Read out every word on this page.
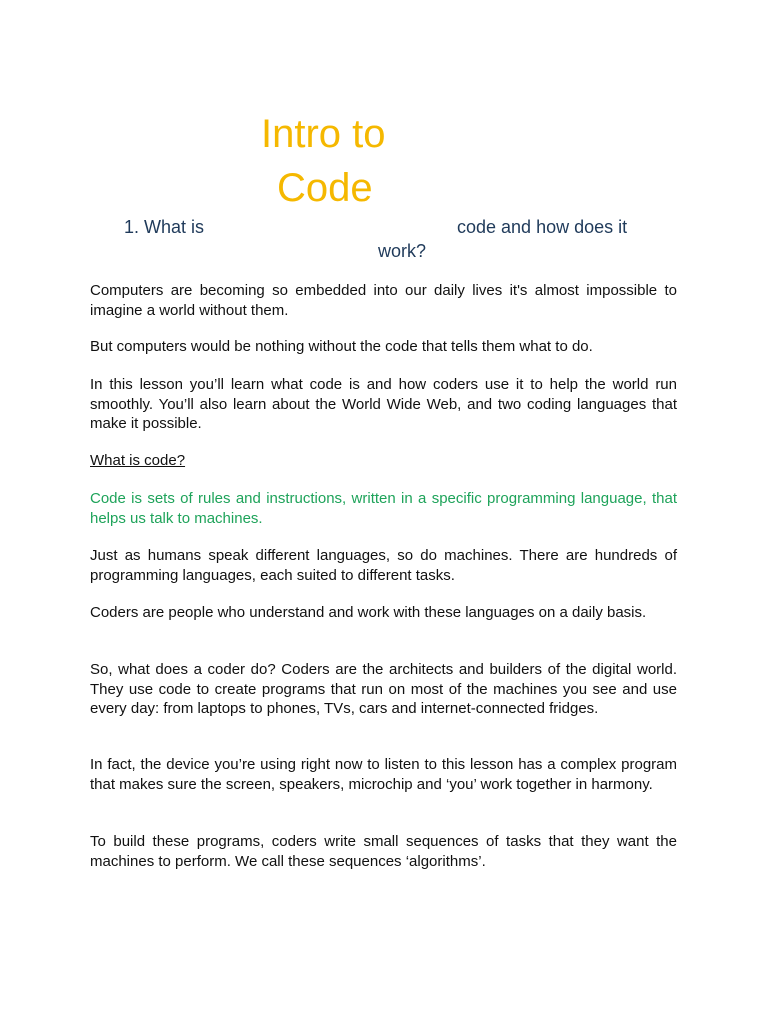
Intro to
Code
1. What is	code and how does it
work?
Computers are becoming so embedded into our daily lives it's almost impossible to imagine a world without them.
But computers would be nothing without the code that tells them what to do.
In this lesson you’ll learn what code is and how coders use it to help the world run smoothly. You’ll also learn about the World Wide Web, and two coding languages that make it possible.
What is code?
Code is sets of rules and instructions, written in a specific programming language, that helps us talk to machines.
Just as humans speak different languages, so do machines. There are hundreds of programming languages, each suited to different tasks.
Coders are people who understand and work with these languages on a daily basis.
So, what does a coder do? Coders are the architects and builders of the digital world. They use code to create programs that run on most of the machines you see and use every day: from laptops to phones, TVs, cars and internet-connected fridges.
In fact, the device you’re using right now to listen to this lesson has a complex program that makes sure the screen, speakers, microchip and ‘you’ work together in harmony.
To build these programs, coders write small sequences of tasks that they want the machines to perform. We call these sequences ‘algorithms’.
